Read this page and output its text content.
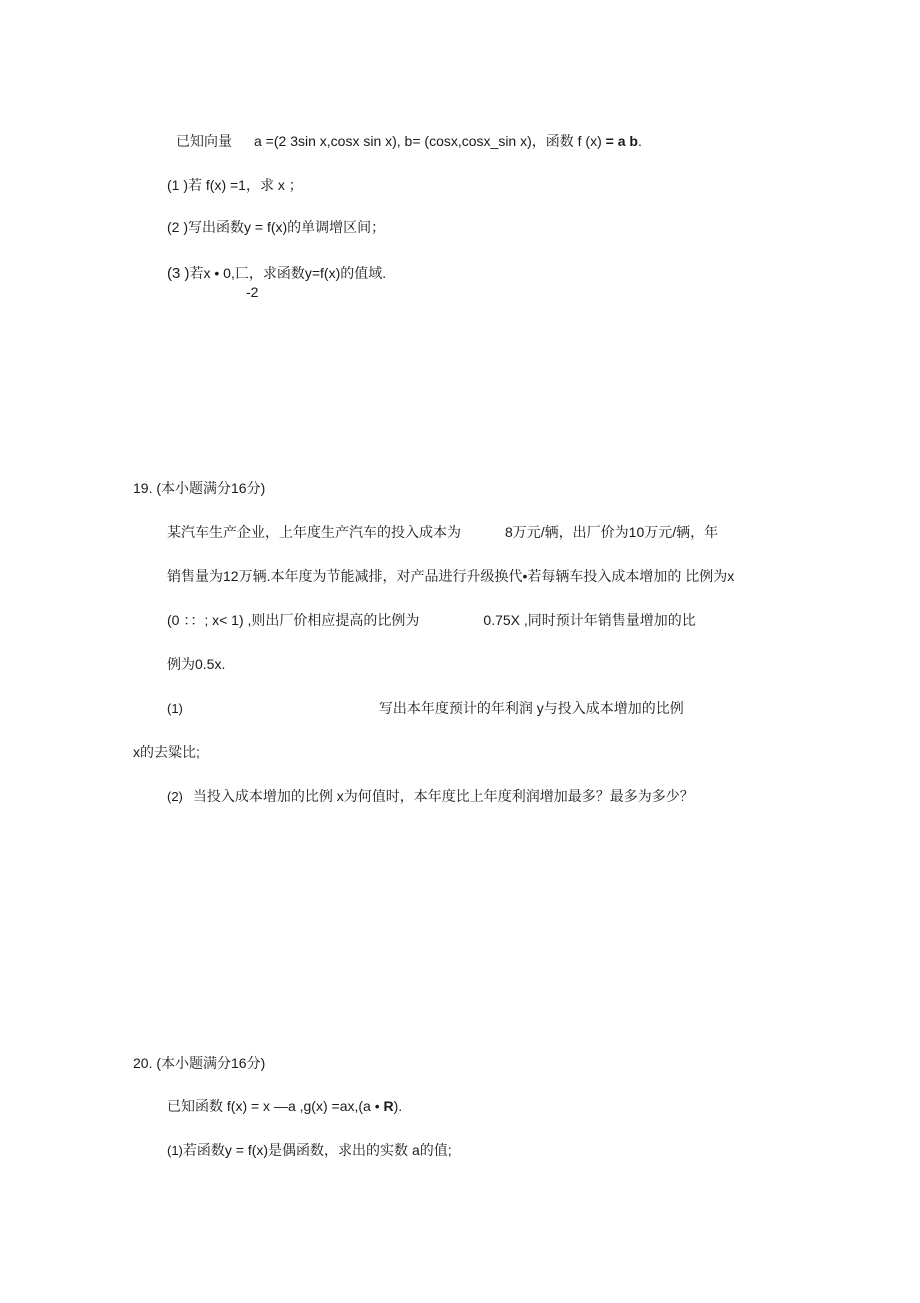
已知向量 a =(2 3sin x,cosx sin x), b= (cosx,cosx_sin x)，函数 f (x) = a b.

(1 )若 f(x) =1，求 x ；

(2 )写出函数y = f(x)的单调增区间；

(3 )若x • 0,匸，求函数y=f(x)的值域.

-2

19. (本小题满分16分)

某汽车生产企业，上年度生产汽车的投入成本为	8万元/辆，出厂价为10万元/辆，年

销售量为12万辆.本年度为节能减排，对产品进行升级换代•若每辆车投入成本增加的 比例为x

(0 ：：; x< 1) ,则出厂价相应提高的比例为	0.75X ,同时预计年销售量增加的比

例为0.5x.

(1)	写出本年度预计的年利润 y与投入成本增加的比例

x的去粱比;

(2) 当投入成本增加的比例 x为何值时，本年度比上年度利润增加最多？最多为多少？

20. (本小题满分16分)

已知函数 f(x) = x —a ,g(x) =ax,(a • R).

(1)若函数y = f(x)是偶函数，求出的实数 a的值;
